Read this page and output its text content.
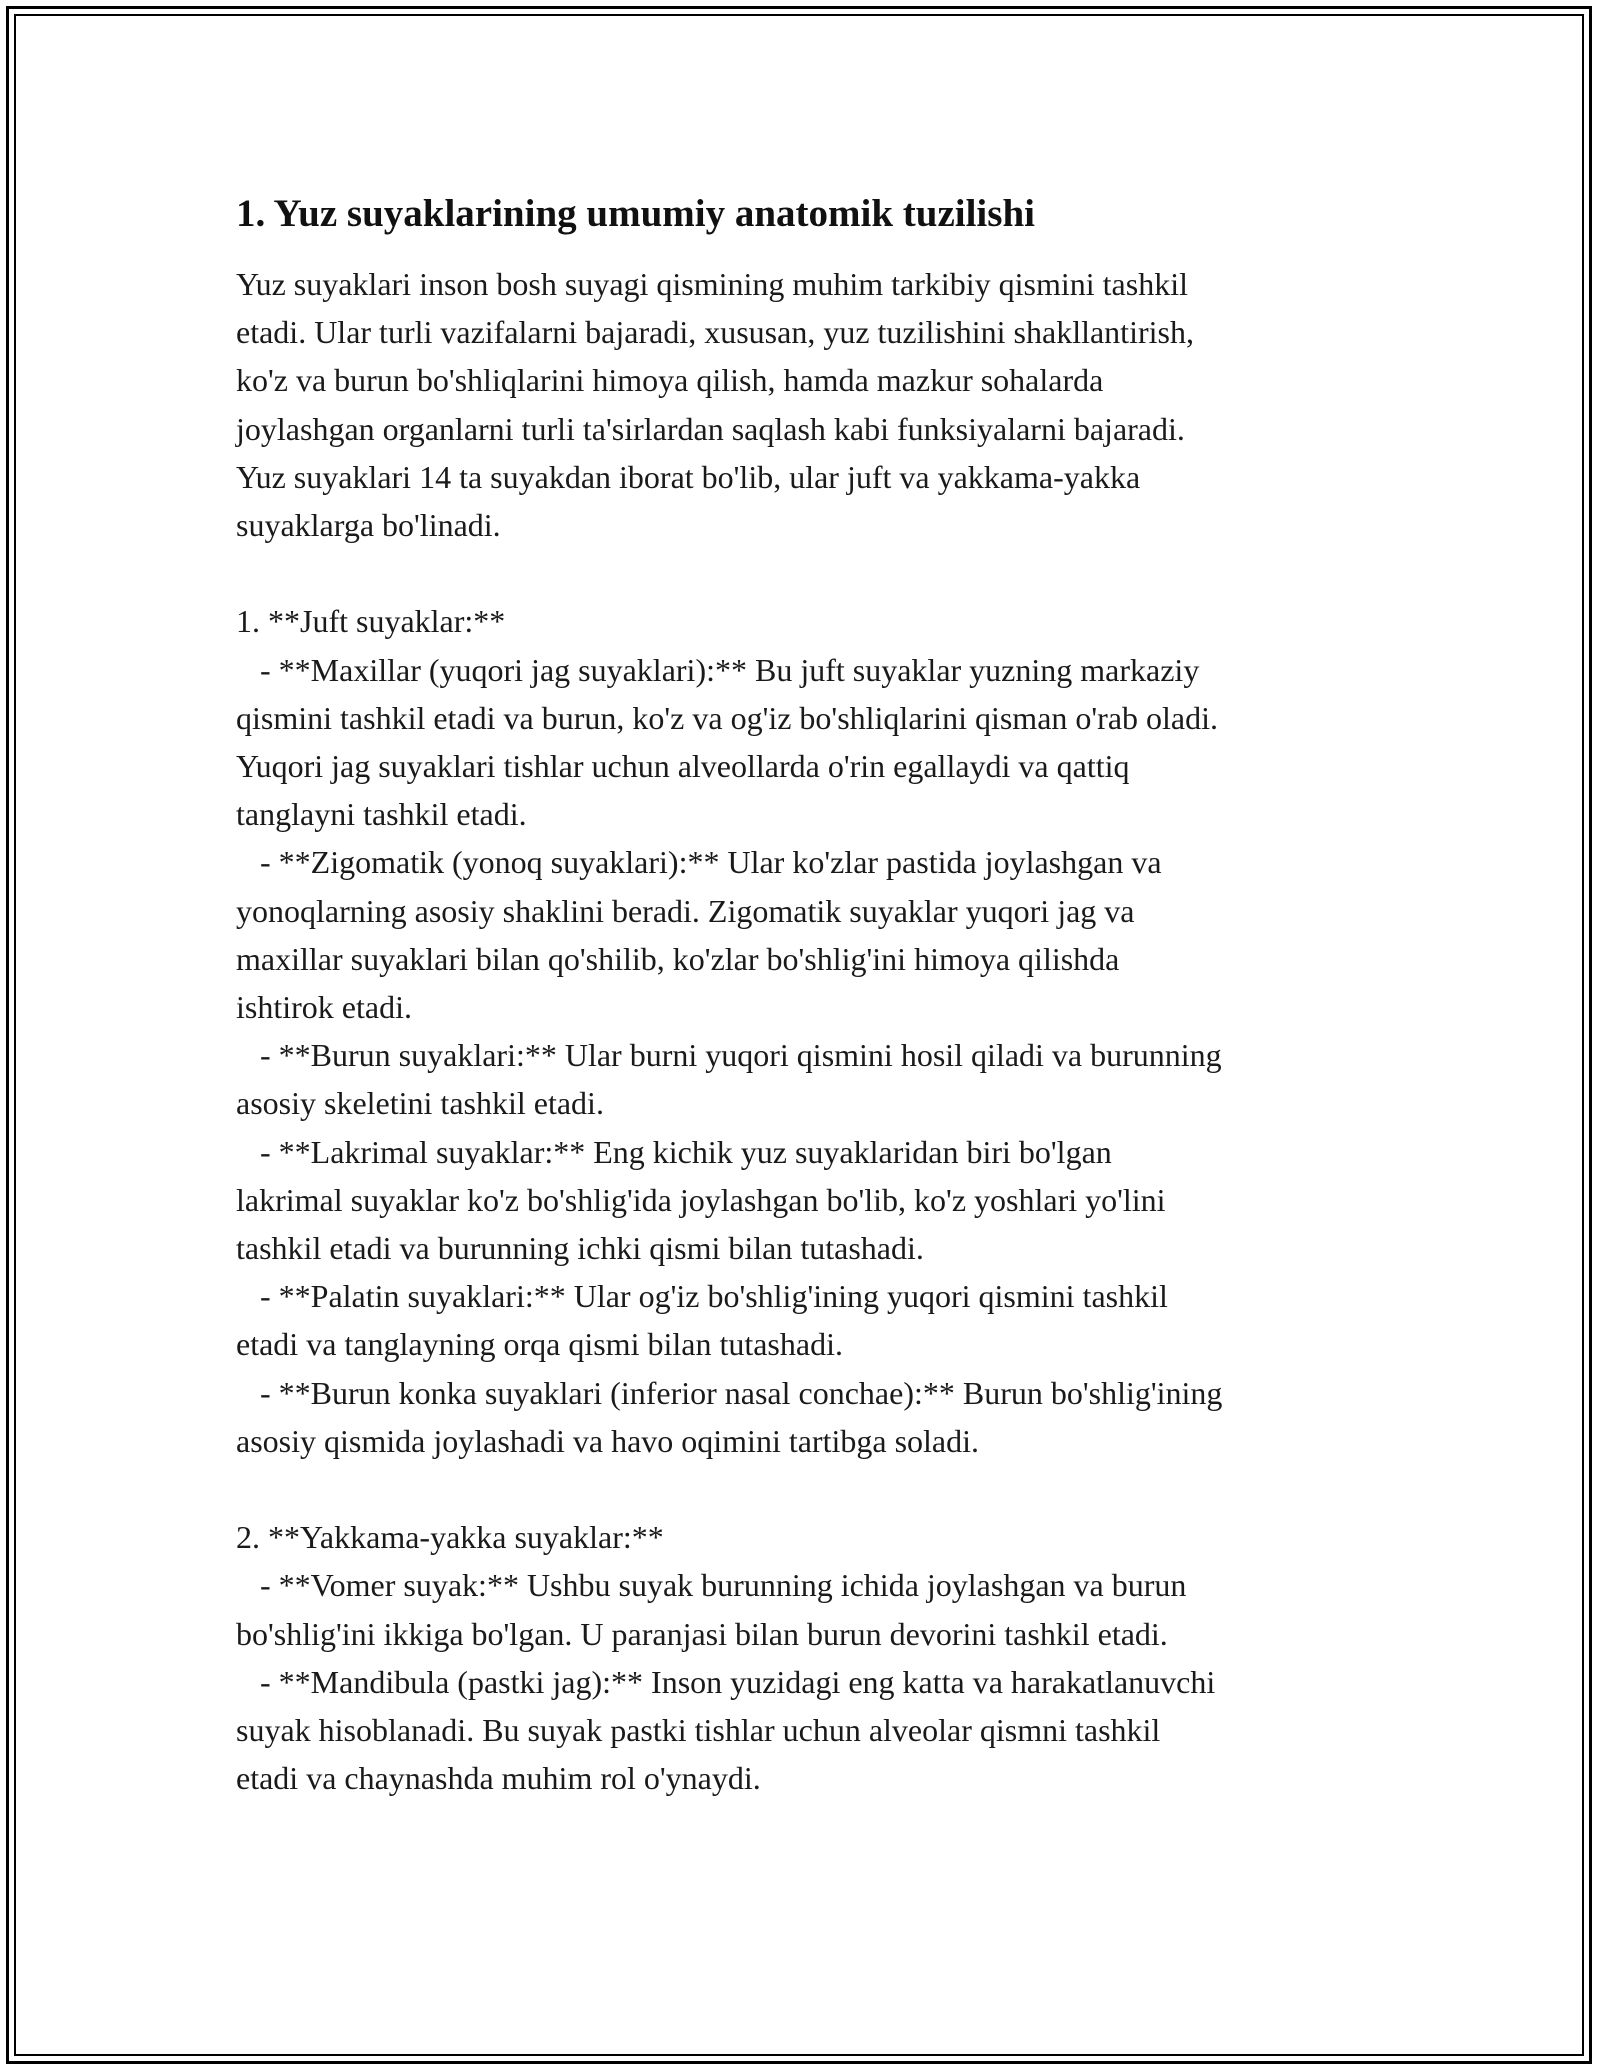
1. Yuz suyaklarining umumiy anatomik tuzilishi

Yuz suyaklari inson bosh suyagi qismining muhim tarkibiy qismini tashkil
etadi. Ular turli vazifalarni bajaradi, xususan, yuz tuzilishini shakllantirish,
ko'z va burun bo'shliqlarini himoya qilish, hamda mazkur sohalarda
joylashgan organlarni turli ta'sirlardan saqlash kabi funksiyalarni bajaradi.
Yuz suyaklari 14 ta suyakdan iborat bo'lib, ular juft va yakkama-yakka
suyaklarga bo'linadi.

1. **Juft suyaklar:**
- **Maxillar (yuqori jag suyaklari):** Bu juft suyaklar yuzning markaziy
qismini tashkil etadi va burun, ko'z va og'iz bo'shliqlarini qisman o'rab oladi.
Yuqori jag suyaklari tishlar uchun alveollarda o'rin egallaydi va qattiq
tanglayni tashkil etadi.
- **Zigomatik (yonoq suyaklari):** Ular ko'zlar pastida joylashgan va
yonoqlarning asosiy shaklini beradi. Zigomatik suyaklar yuqori jag va
maxillar suyaklari bilan qo'shilib, ko'zlar bo'shlig'ini himoya qilishda
ishtirok etadi.
- **Burun suyaklari:** Ular burni yuqori qismini hosil qiladi va burunning
asosiy skeletini tashkil etadi.
- **Lakrimal suyaklar:** Eng kichik yuz suyaklaridan biri bo'lgan
lakrimal suyaklar ko'z bo'shlig'ida joylashgan bo'lib, ko'z yoshlari yo'lini
tashkil etadi va burunning ichki qismi bilan tutashadi.
- **Palatin suyaklari:** Ular og'iz bo'shlig'ining yuqori qismini tashkil
etadi va tanglayning orqa qismi bilan tutashadi.
- **Burun konka suyaklari (inferior nasal conchae):** Burun bo'shlig'ining
asosiy qismida joylashadi va havo oqimini tartibga soladi.

2. **Yakkama-yakka suyaklar:**
- **Vomer suyak:** Ushbu suyak burunning ichida joylashgan va burun
bo'shlig'ini ikkiga bo'lgan. U paranjasi bilan burun devorini tashkil etadi.
- **Mandibula (pastki jag):** Inson yuzidagi eng katta va harakatlanuvchi
suyak hisoblanadi. Bu suyak pastki tishlar uchun alveolar qismni tashkil
etadi va chaynashda muhim rol o'ynaydi.
